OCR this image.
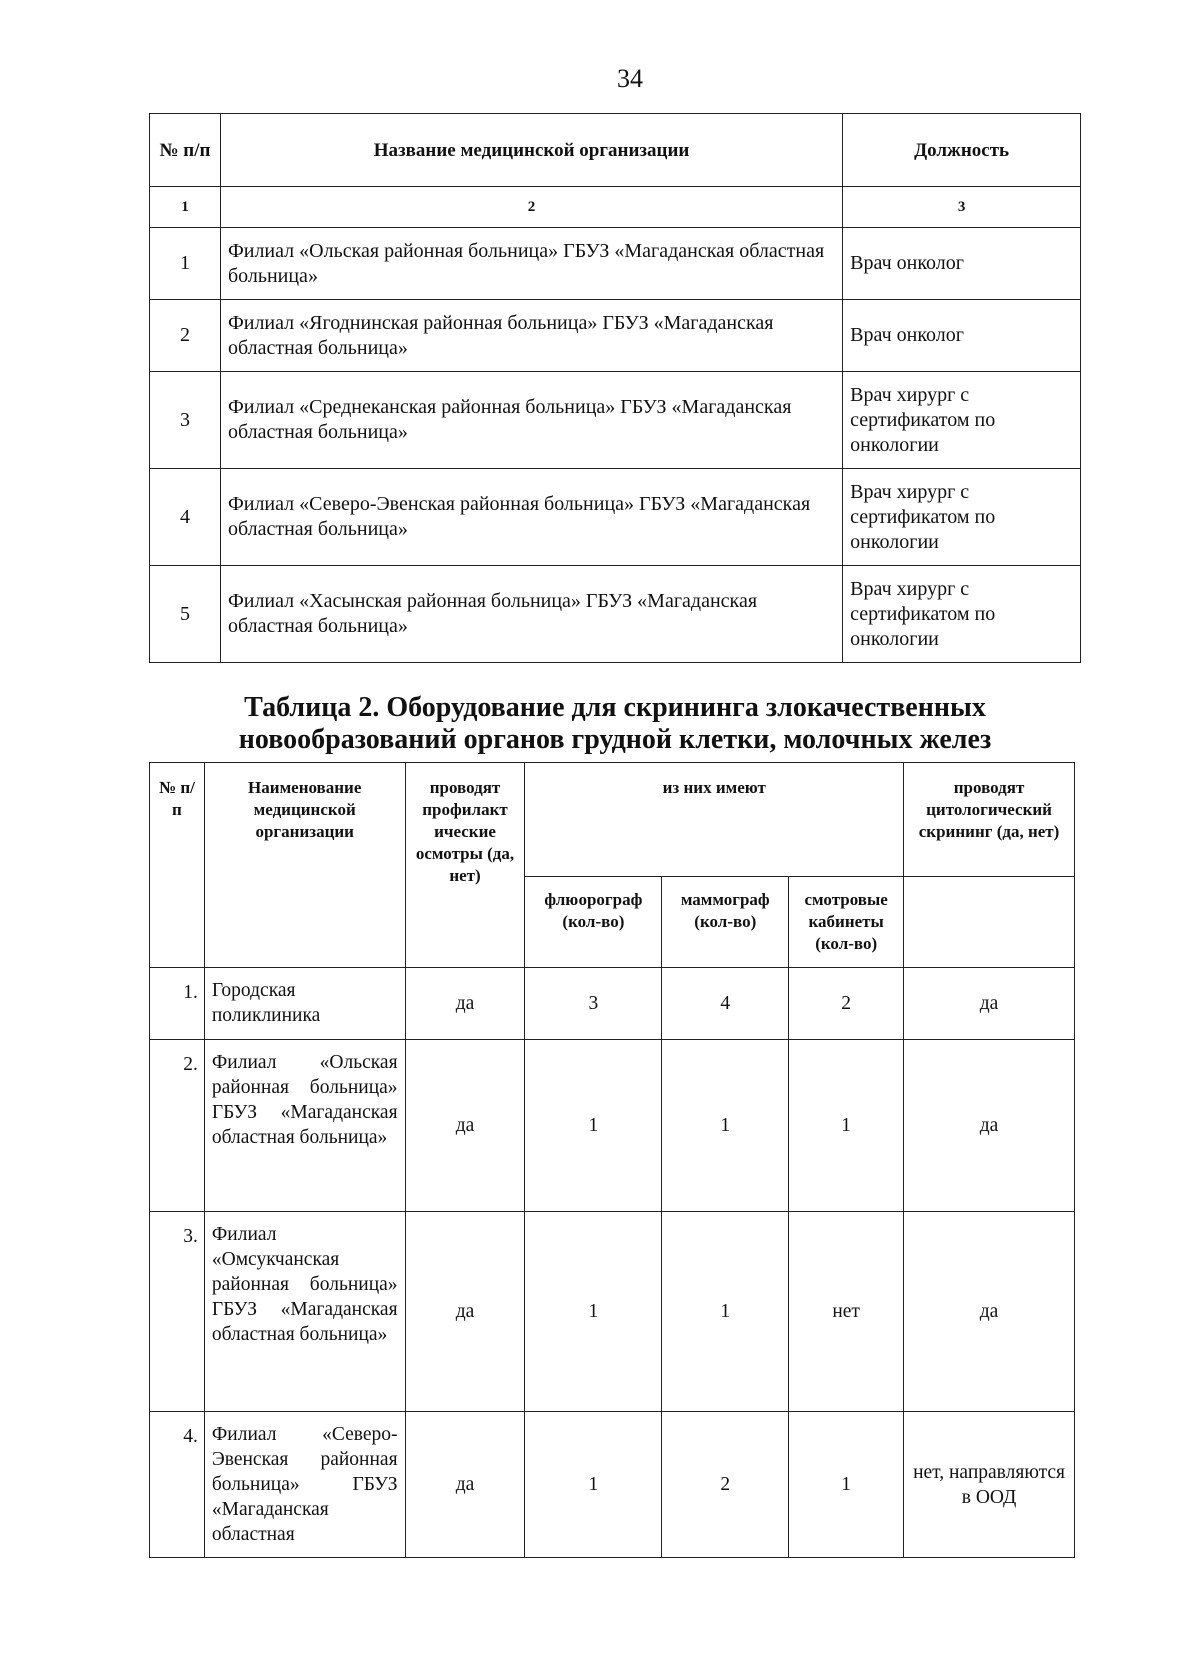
34
№ п/п	Название медицинской организации	Должность
1	2	3
1	Филиал «Ольская районная больница» ГБУЗ «Магаданская областная больница»	Врач онколог
2	Филиал «Ягоднинская районная больница» ГБУЗ «Магаданская областная больница»	Врач онколог
3	Филиал «Среднеканская районная больница» ГБУЗ «Магаданская областная больница»	Врач хирург с сертификатом по онкологии
4	Филиал «Северо-Эвенская районная больница» ГБУЗ «Магаданская областная больница»	Врач хирург с сертификатом по онкологии
5	Филиал «Хасынская районная больница» ГБУЗ «Магаданская областная больница»	Врач хирург с сертификатом по онкологии
Таблица 2. Оборудование для скрининга злокачественных новообразований органов грудной клетки, молочных желез
№ п/п	Наименование медицинской организации	проводят профилакт ические осмотры (да, нет)	из них имеют			проводят цитологический скрининг (да, нет)
			флюорограф (кол-во)	маммограф (кол-во)	смотровые кабинеты (кол-во)	
1.	Городская поликлиника	да	3	4	2	да
2.	Филиал «Ольская районная больница» ГБУЗ «Магаданская областная больница»	да	1	1	1	да
3.	Филиал «Омсукчанская районная больница» ГБУЗ «Магаданская областная больница»	да	1	1	нет	да
4.	Филиал «Северо-Эвенская районная больница» ГБУЗ «Магаданская областная	да	1	2	1	нет, направляются в ООД
